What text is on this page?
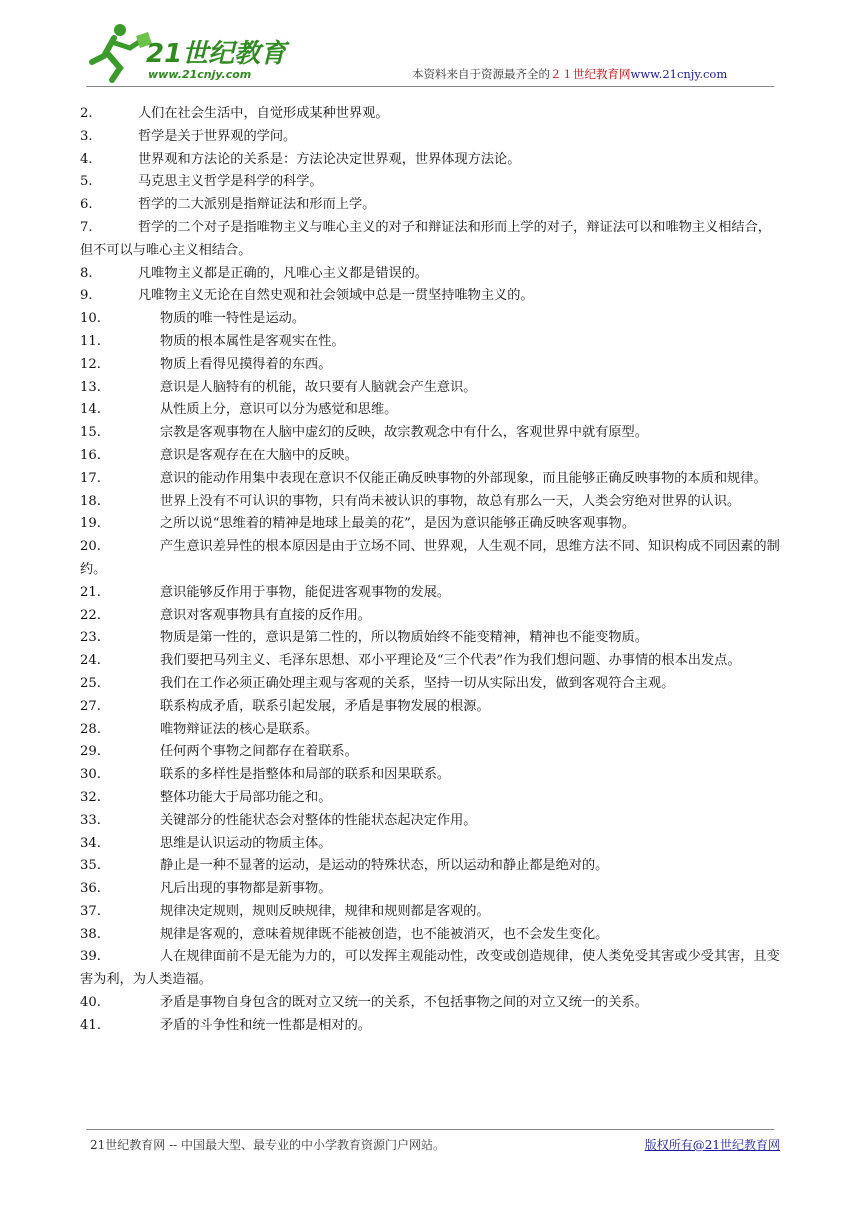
21世纪教育
www.21cnjy.com	本资料来自于资源最齐全的２１世纪教育网www.21cnjy.com
2.	人们在社会生活中，自觉形成某种世界观。
3.	哲学是关于世界观的学问。
4.	世界观和方法论的关系是：方法论决定世界观，世界体现方法论。
5.	马克思主义哲学是科学的科学。
6.	哲学的二大派别是指辩证法和形而上学。
7.	哲学的二个对子是指唯物主义与唯心主义的对子和辩证法和形而上学的对子，辩证法可以和唯物主义相结合，但不可以与唯心主义相结合。
8.	凡唯物主义都是正确的，凡唯心主义都是错误的。
9.	凡唯物主义无论在自然史观和社会领域中总是一贯坚持唯物主义的。
10.	物质的唯一特性是运动。
11.	物质的根本属性是客观实在性。
12.	物质上看得见摸得着的东西。
13.	意识是人脑特有的机能，故只要有人脑就会产生意识。
14.	从性质上分，意识可以分为感觉和思维。
15.	宗教是客观事物在人脑中虚幻的反映，故宗教观念中有什么，客观世界中就有原型。
16.	意识是客观存在在大脑中的反映。
17.	意识的能动作用集中表现在意识不仅能正确反映事物的外部现象，而且能够正确反映事物的本质和规律。
18.	世界上没有不可认识的事物，只有尚未被认识的事物，故总有那么一天，人类会穷绝对世界的认识。
19.	之所以说“思维着的精神是地球上最美的花”，是因为意识能够正确反映客观事物。
20.	产生意识差异性的根本原因是由于立场不同、世界观，人生观不同，思维方法不同、知识构成不同因素的制约。
21.	意识能够反作用于事物，能促进客观事物的发展。
22.	意识对客观事物具有直接的反作用。
23.	物质是第一性的，意识是第二性的，所以物质始终不能变精神，精神也不能变物质。
24.	我们要把马列主义、毛泽东思想、邓小平理论及“三个代表”作为我们想问题、办事情的根本出发点。
25.	我们在工作必须正确处理主观与客观的关系，坚持一切从实际出发，做到客观符合主观。
27.	联系构成矛盾，联系引起发展，矛盾是事物发展的根源。
28.	唯物辩证法的核心是联系。
29.	任何两个事物之间都存在着联系。
30.	联系的多样性是指整体和局部的联系和因果联系。
32.	整体功能大于局部功能之和。
33.	关键部分的性能状态会对整体的性能状态起决定作用。
34.	思维是认识运动的物质主体。
35.	静止是一种不显著的运动，是运动的特殊状态，所以运动和静止都是绝对的。
36.	凡后出现的事物都是新事物。
37.	规律决定规则，规则反映规律，规律和规则都是客观的。
38.	规律是客观的，意味着规律既不能被创造，也不能被消灭，也不会发生变化。
39.	人在规律面前不是无能为力的，可以发挥主观能动性，改变或创造规律，使人类免受其害或少受其害，且变害为利，为人类造福。
40.	矛盾是事物自身包含的既对立又统一的关系，不包括事物之间的对立又统一的关系。
41.	矛盾的斗争性和统一性都是相对的。
21世纪教育网 -- 中国最大型、最专业的中小学教育资源门户网站。	版权所有@21世纪教育网
